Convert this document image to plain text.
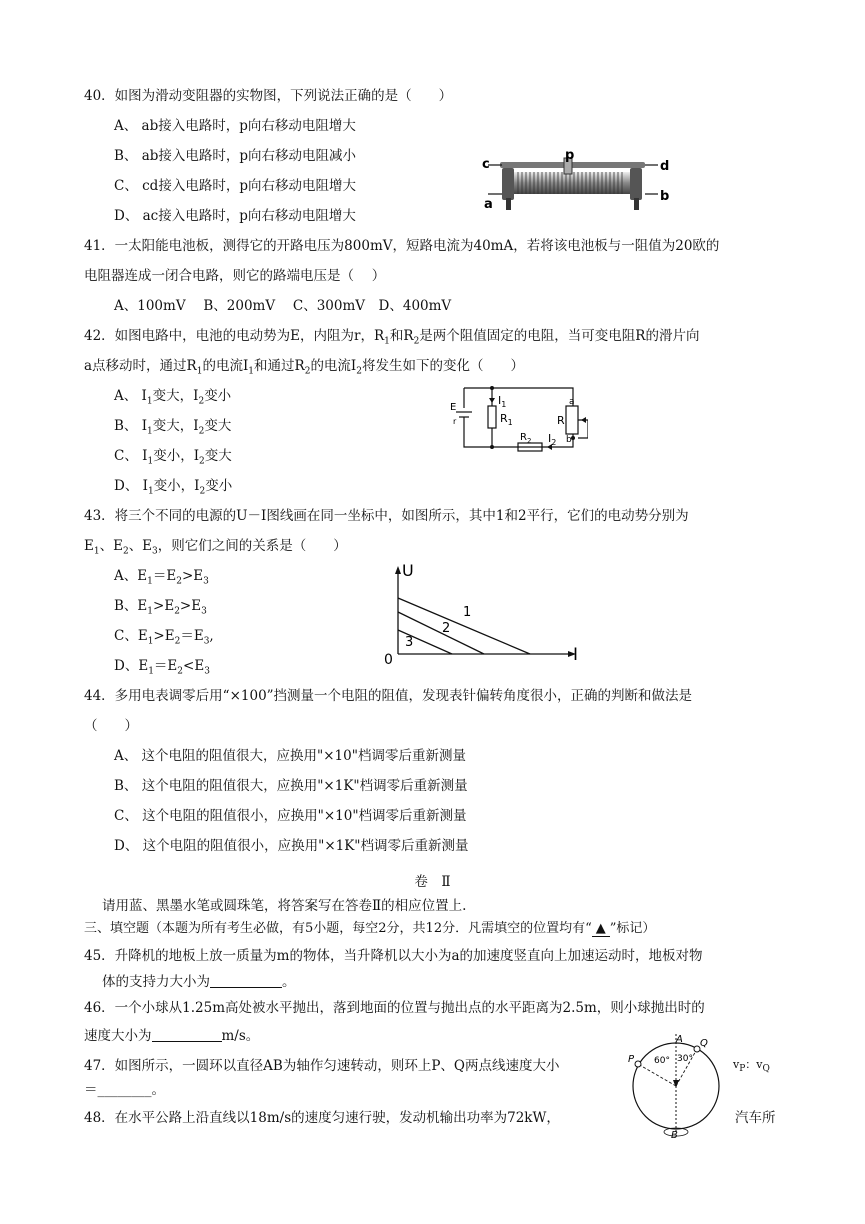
40．如图为滑动变阻器的实物图，下列说法正确的是（　　）
A、 ab接入电路时，p向右移动电阻增大
B、 ab接入电路时，p向右移动电阻减小
C、 cd接入电路时，p向右移动电阻增大
D、 ac接入电路时，p向右移动电阻增大
c
p
d
a
b
41．一太阳能电池板，测得它的开路电压为800mV，短路电流为40mA，若将该电池板与一阻值为20欧的
电阻器连成一闭合电路，则它的路端电压是（　 ）
A、100mV　 B、200mV　 C、300mV　D、400mV
42．如图电路中，电池的电动势为E，内阻为r，$R_1$和$R_2$是两个阻值固定的电阻，当可变电阻R的滑片向
a点移动时，通过$R_1$的电流$I_1$和通过$R_2$的电流$I_2$将发生如下的变化（　　）
A、 $I_1$变大，$I_2$变小
B、 $I_1$变大，$I_2$变大
C、 $I_1$变小，$I_2$变大
D、 $I_1$变小，$I_2$变小
E
r
$I_1$
$R_1$
$R_2$ $I_2$
R
a
b
43．将三个不同的电源的U－I图线画在同一坐标中，如图所示，其中1和2平行，它们的电动势分别为
$E_1$、$E_2$、$E_3$，则它们之间的关系是（　　）
A、$E_1=E_2>E_3$
B、$E_1>E_2>E_3$
C、$E_1>E_2=E_3$,
D、$E_1=E_2<E_3$
U
I
0
1
2
3
44．多用电表调零后用“×100”挡测量一个电阻的阻值，发现表针偏转角度很小，正确的判断和做法是
（　　）
A、 这个电阻的阻值很大，应换用"×10"档调零后重新测量
B、 这个电阻的阻值很大，应换用"×1K"档调零后重新测量
C、 这个电阻的阻值很小，应换用"×10"档调零后重新测量
D、 这个电阻的阻值很小，应换用"×1K"档调零后重新测量
卷　Ⅱ
请用蓝、黑墨水笔或圆珠笔，将答案写在答卷Ⅱ的相应位置上.
三、填空题（本题为所有考生必做，有5小题，每空2分，共12分．凡需填空的位置均有“ ▲ ”标记）
45．升降机的地板上放一质量为m的物体，当升降机以大小为a的加速度竖直向上加速运动时，地板对物
体的支持力大小为	。
46．一个小球从1.25m高处被水平抛出，落到地面的位置与抛出点的水平距离为2.5m，则小球抛出时的
速度大小为	m/s。
47．如图所示，一圆环以直径AB为轴作匀速转动，则环上P、Q两点线速度大小	$v_P$：$v_Q$
＝________。
A
B
P
Q
60° 30°
48．在水平公路上沿直线以18m/s的速度匀速行驶，发动机输出功率为72kW，	汽车所
